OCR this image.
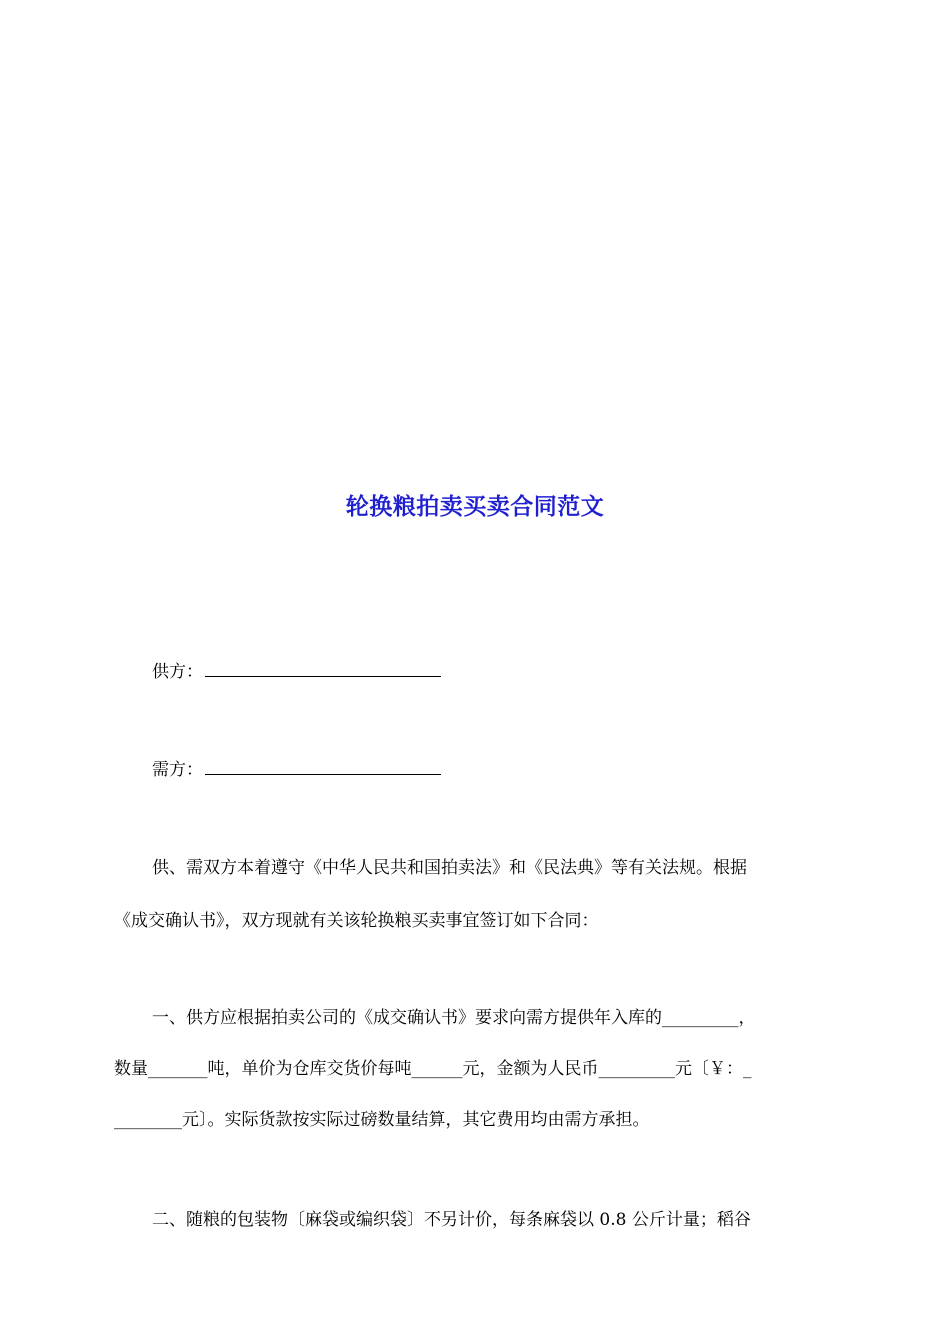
轮换粮拍卖买卖合同范文
供方：
需方：
供、需双方本着遵守《中华人民共和国拍卖法》和《民法典》等有关法规。根据
《成交确认书》，双方现就有关该轮换粮买卖事宜签订如下合同：
一、供方应根据拍卖公司的《成交确认书》要求向需方提供年入库的_________，
数量_______吨，单价为仓库交货价每吨______元，金额为人民币_________元〔￥：_
________元〕。实际货款按实际过磅数量结算，其它费用均由需方承担。
二、随粮的包装物〔麻袋或编织袋〕不另计价，每条麻袋以 0.8 公斤计量；稻谷
